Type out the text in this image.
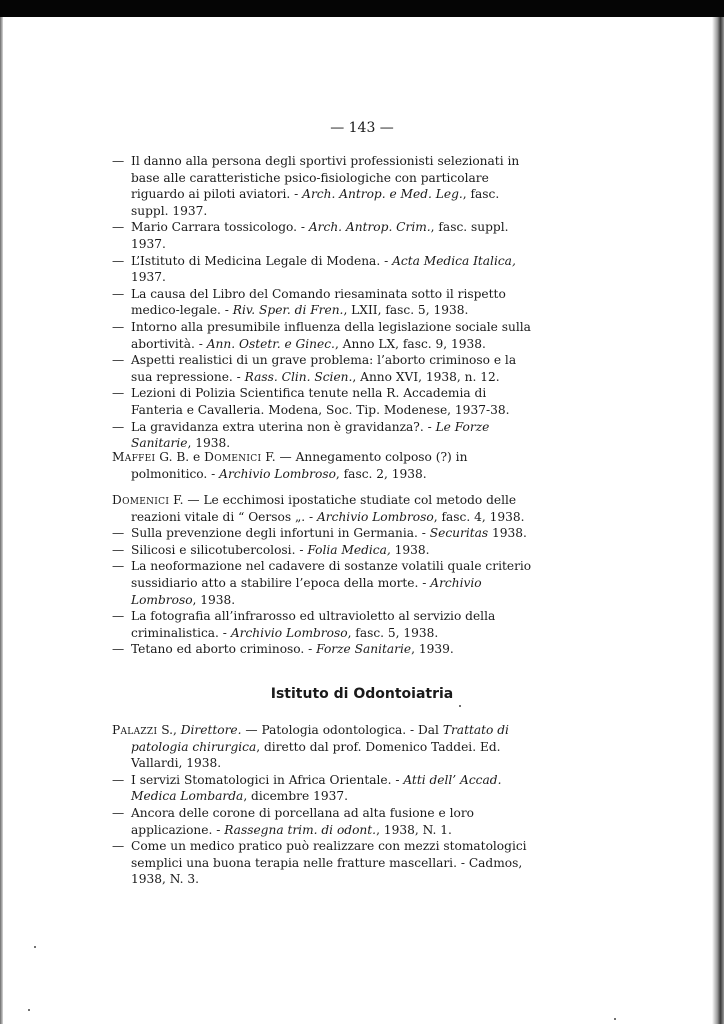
— 143 —
— Il danno alla persona degli sportivi professionisti selezionati in base alle caratteristiche psico-fisiologiche con particolare riguardo ai piloti aviatori. - Arch. Antrop. e Med. Leg., fasc. suppl. 1937.
— Mario Carrara tossicologo. - Arch. Antrop. Crim., fasc. suppl. 1937.
— L’Istituto di Medicina Legale di Modena. - Acta Medica Italica, 1937.
— La causa del Libro del Comando riesaminata sotto il rispetto medico-legale. - Riv. Sper. di Fren., LXII, fasc. 5, 1938.
— Intorno alla presumibile influenza della legislazione sociale sulla abortività. - Ann. Ostetr. e Ginec., Anno LX, fasc. 9, 1938.
— Aspetti realistici di un grave problema: l’aborto criminoso e la sua repressione. - Rass. Clin. Scien., Anno XVI, 1938, n. 12.
— Lezioni di Polizia Scientifica tenute nella R. Accademia di Fanteria e Cavalleria. Modena, Soc. Tip. Modenese, 1937-38.
— La gravidanza extra uterina non è gravidanza?. - Le Forze Sanitarie, 1938.
Maffei G. B. e Domenici F. — Annegamento colposo (?) in polmonitico. - Archivio Lombroso, fasc. 2, 1938.
Domenici F. — Le ecchimosi ipostatiche studiate col metodo delle reazioni vitale di “ Oersos „. - Archivio Lombroso, fasc. 4, 1938.
— Sulla prevenzione degli infortuni in Germania. - Securitas 1938.
— Silicosi e silicotubercolosi. - Folia Medica, 1938.
— La neoformazione nel cadavere di sostanze volatili quale criterio sussidiario atto a stabilire l’epoca della morte. - Archivio Lombroso, 1938.
— La fotografia all’infrarosso ed ultravioletto al servizio della criminalistica. - Archivio Lombroso, fasc. 5, 1938.
— Tetano ed aborto criminoso. - Forze Sanitarie, 1939.
Istituto di Odontoiatria
Palazzi S., Direttore. — Patologia odontologica. - Dal Trattato di patologia chirurgica, diretto dal prof. Domenico Taddei. Ed. Vallardi, 1938.
— I servizi Stomatologici in Africa Orientale. - Atti dell’ Accad. Medica Lombarda, dicembre 1937.
— Ancora delle corone di porcellana ad alta fusione e loro applicazione. - Rassegna trim. di odont., 1938, N. 1.
— Come un medico pratico può realizzare con mezzi stomatologici semplici una buona terapia nelle fratture mascellari. - Cadmos, 1938, N. 3.
